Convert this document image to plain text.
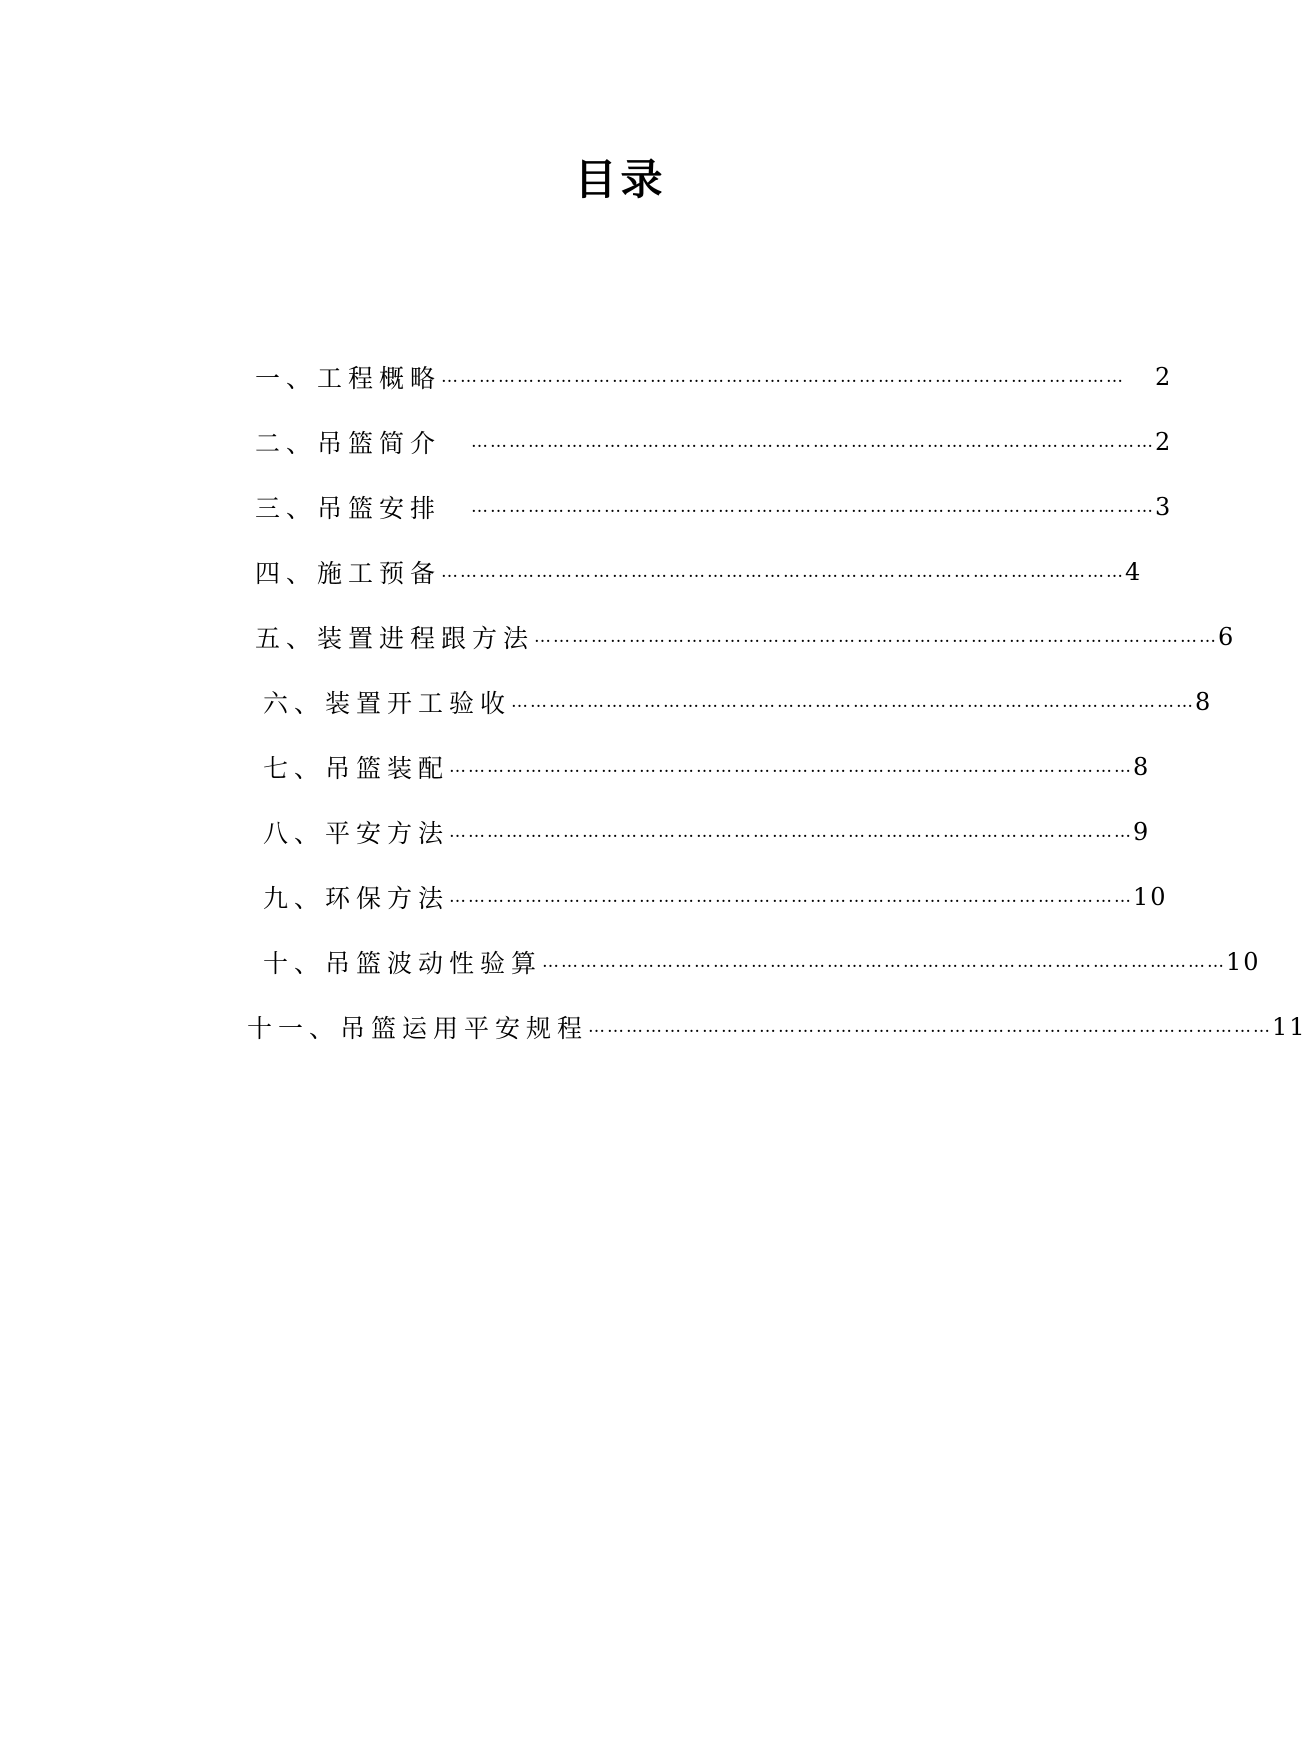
目录
一、工程概略 ………………………………………………………………………………………………	2
二、吊篮简介 ……………………………………………………………………………………………… 2
三、吊篮安排 ……………………………………………………………………………………………… 3
四、施工预备 ……………………………………………………………………………………………… 4
五、装置进程跟方法 ……………………………………………………………………………………………… 6
六、装置开工验收 ……………………………………………………………………………………………… 8
七、吊篮装配 ……………………………………………………………………………………………… 8
八、平安方法 ……………………………………………………………………………………………… 9
九、环保方法 ……………………………………………………………………………………………… 10
十、吊篮波动性验算 ……………………………………………………………………………………………… 10
十一、吊篮运用平安规程 ……………………………………………………………………………………………… 11
